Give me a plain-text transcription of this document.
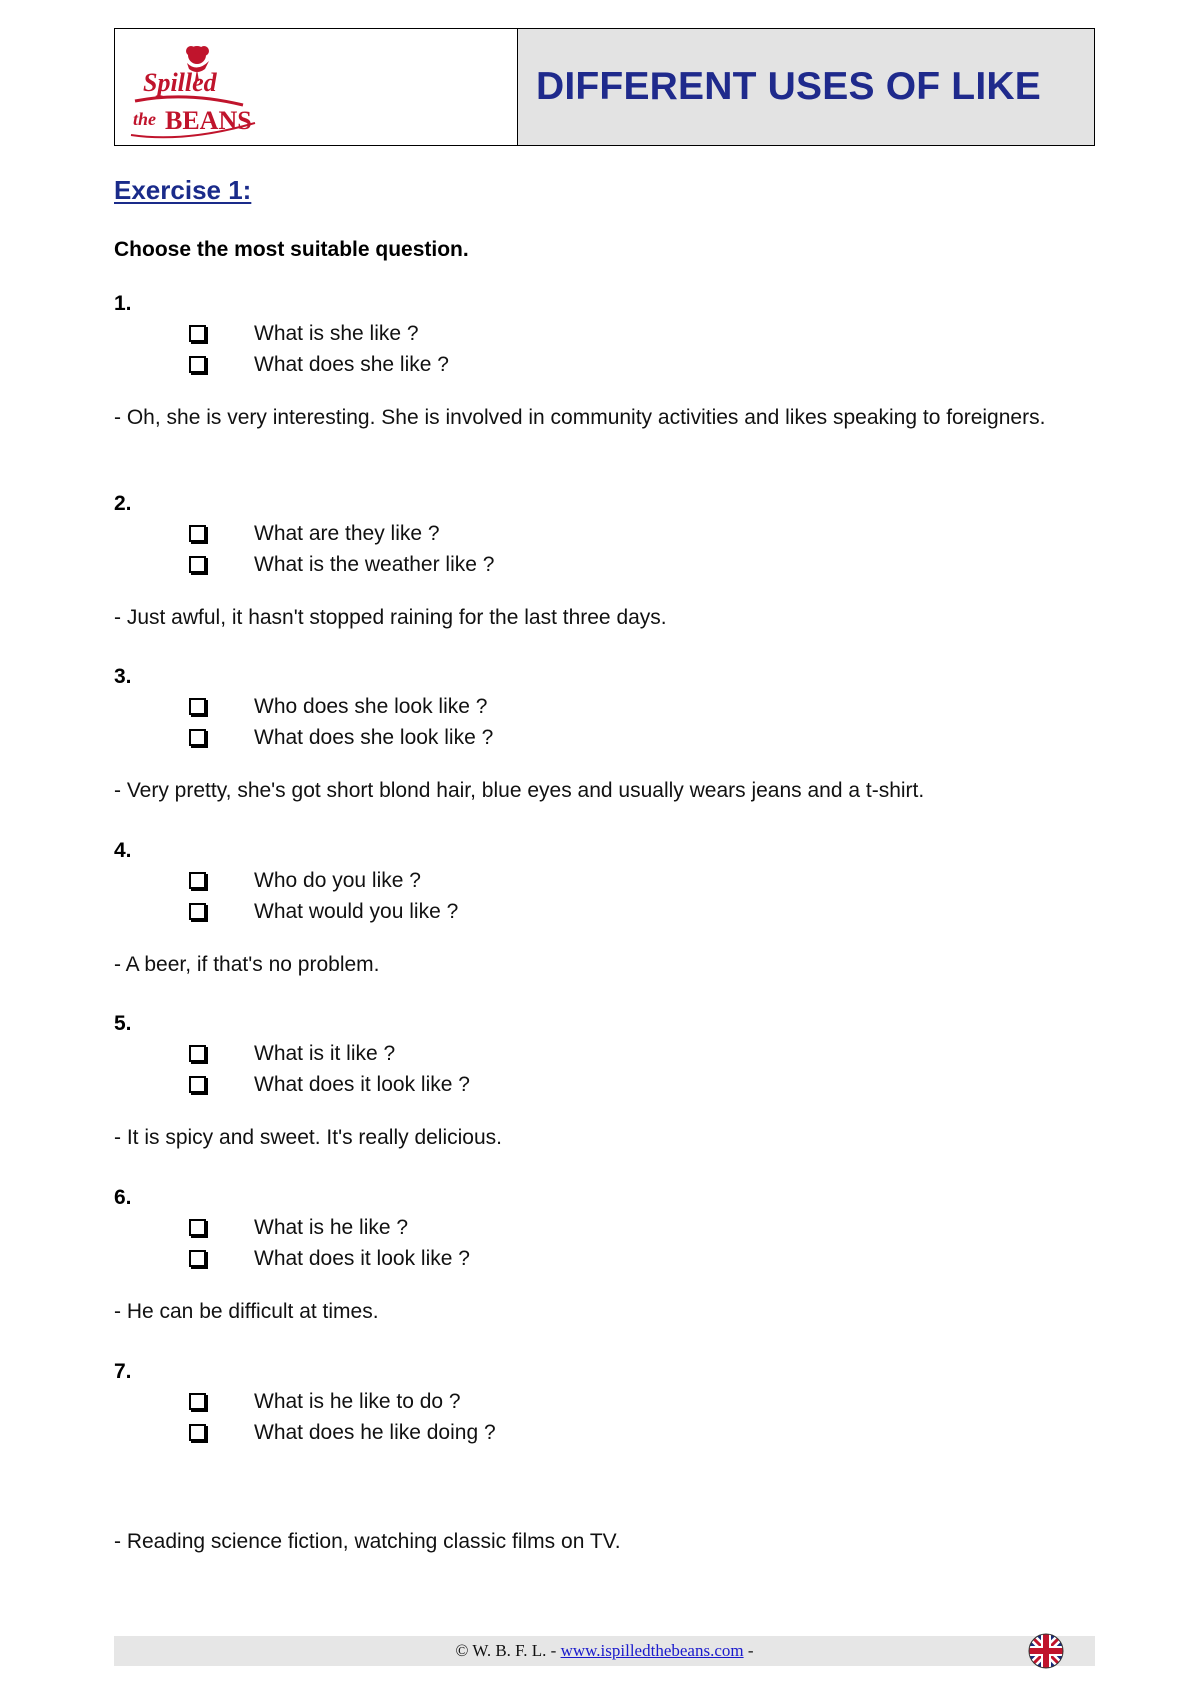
Spilled
the BEANS
DIFFERENT USES OF LIKE
Exercise 1:
Choose the most suitable question.
1.
What is she like ?
What does she like ?
- Oh, she is very interesting. She is involved in community activities and likes speaking to foreigners.
2.
What are they like ?
What is the weather like ?
- Just awful, it hasn't stopped raining for the last three days.
3.
Who does she look like ?
What does she look like ?
- Very pretty, she's got short blond hair, blue eyes and usually wears jeans and a t-shirt.
4.
Who do you like ?
What would you like ?
- A beer, if that's no problem.
5.
What is it like ?
What does it look like ?
- It is spicy and sweet. It's really delicious.
6.
What is he like ?
What does it look like ?
- He can be difficult at times.
7.
What is he like to do ?
What does he like doing ?
- Reading science fiction, watching classic films on TV.
© W. B. F. L. - www.ispilledthebeans.com -
